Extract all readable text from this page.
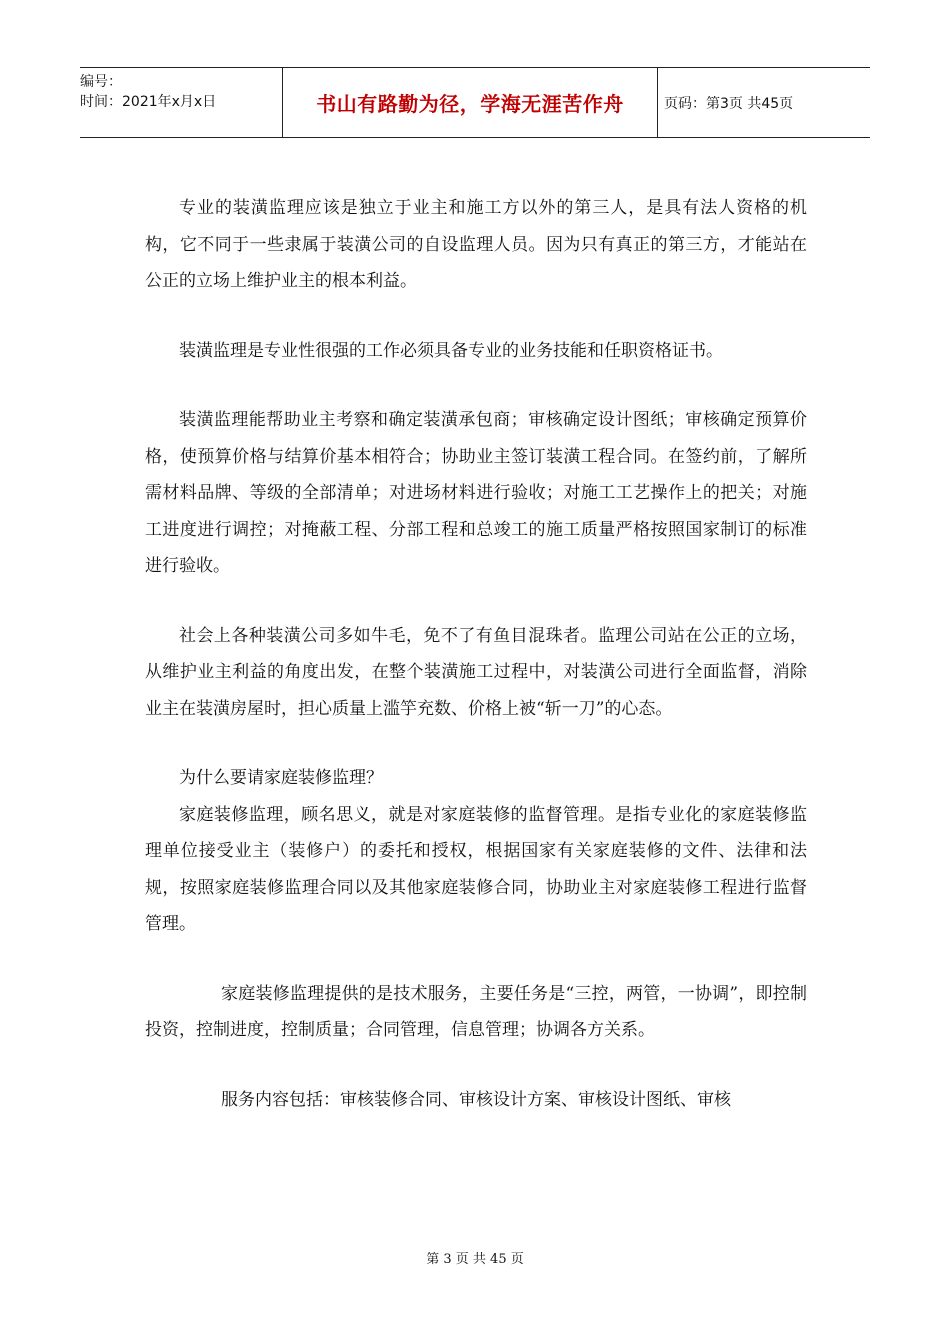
编号：
时间：2021年x月x日	书山有路勤为径，学海无涯苦作舟	页码：第3页 共45页

专业的装潢监理应该是独立于业主和施工方以外的第三人，是具有法人资格的机构，它不同于一些隶属于装潢公司的自设监理人员。因为只有真正的第三方，才能站在公正的立场上维护业主的根本利益。

装潢监理是专业性很强的工作必须具备专业的业务技能和任职资格证书。

装潢监理能帮助业主考察和确定装潢承包商；审核确定设计图纸；审核确定预算价格，使预算价格与结算价基本相符合；协助业主签订装潢工程合同。在签约前，了解所需材料品牌、等级的全部清单；对进场材料进行验收；对施工工艺操作上的把关；对施工进度进行调控；对掩蔽工程、分部工程和总竣工的施工质量严格按照国家制订的标准进行验收。

社会上各种装潢公司多如牛毛，免不了有鱼目混珠者。监理公司站在公正的立场，从维护业主利益的角度出发，在整个装潢施工过程中，对装潢公司进行全面监督，消除业主在装潢房屋时，担心质量上滥竽充数、价格上被“斩一刀”的心态。

为什么要请家庭装修监理？

家庭装修监理，顾名思义，就是对家庭装修的监督管理。是指专业化的家庭装修监理单位接受业主（装修户）的委托和授权，根据国家有关家庭装修的文件、法律和法规，按照家庭装修监理合同以及其他家庭装修合同，协助业主对家庭装修工程进行监督管理。

家庭装修监理提供的是技术服务，主要任务是“三控，两管，一协调”，即控制投资，控制进度，控制质量；合同管理，信息管理；协调各方关系。

服务内容包括：审核装修合同、审核设计方案、审核设计图纸、审核

第 3 页 共 45 页
